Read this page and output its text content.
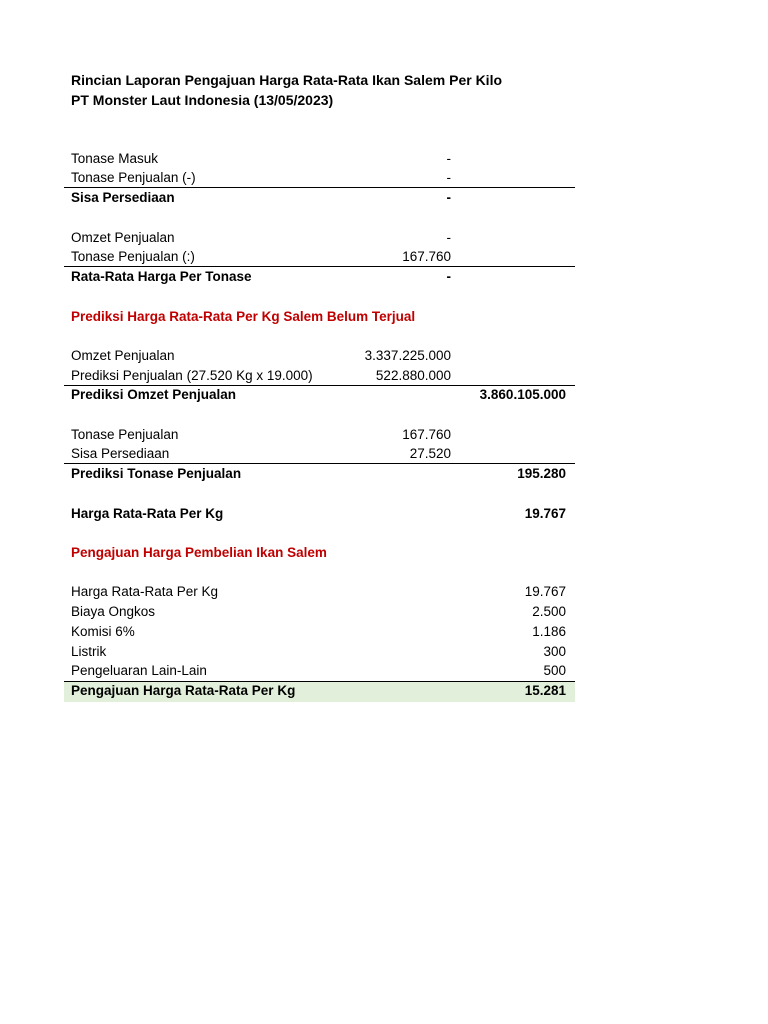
Rincian Laporan Pengajuan Harga Rata-Rata Ikan Salem Per Kilo
PT Monster Laut Indonesia (13/05/2023)
Tonase Masuk	-
Tonase Penjualan (-)	-
Sisa Persediaan	-
Omzet Penjualan	-
Tonase Penjualan (:)	167.760
Rata-Rata Harga Per Tonase	-
Prediksi Harga Rata-Rata Per Kg Salem Belum Terjual
Omzet Penjualan	3.337.225.000
Prediksi Penjualan (27.520 Kg x 19.000)	522.880.000
Prediksi Omzet Penjualan	3.860.105.000
Tonase Penjualan	167.760
Sisa Persediaan	27.520
Prediksi Tonase Penjualan	195.280
Harga Rata-Rata Per Kg	19.767
Pengajuan Harga Pembelian Ikan Salem
Harga Rata-Rata Per Kg	19.767
Biaya Ongkos	2.500
Komisi 6%	1.186
Listrik	300
Pengeluaran Lain-Lain	500
Pengajuan Harga Rata-Rata Per Kg	15.281
